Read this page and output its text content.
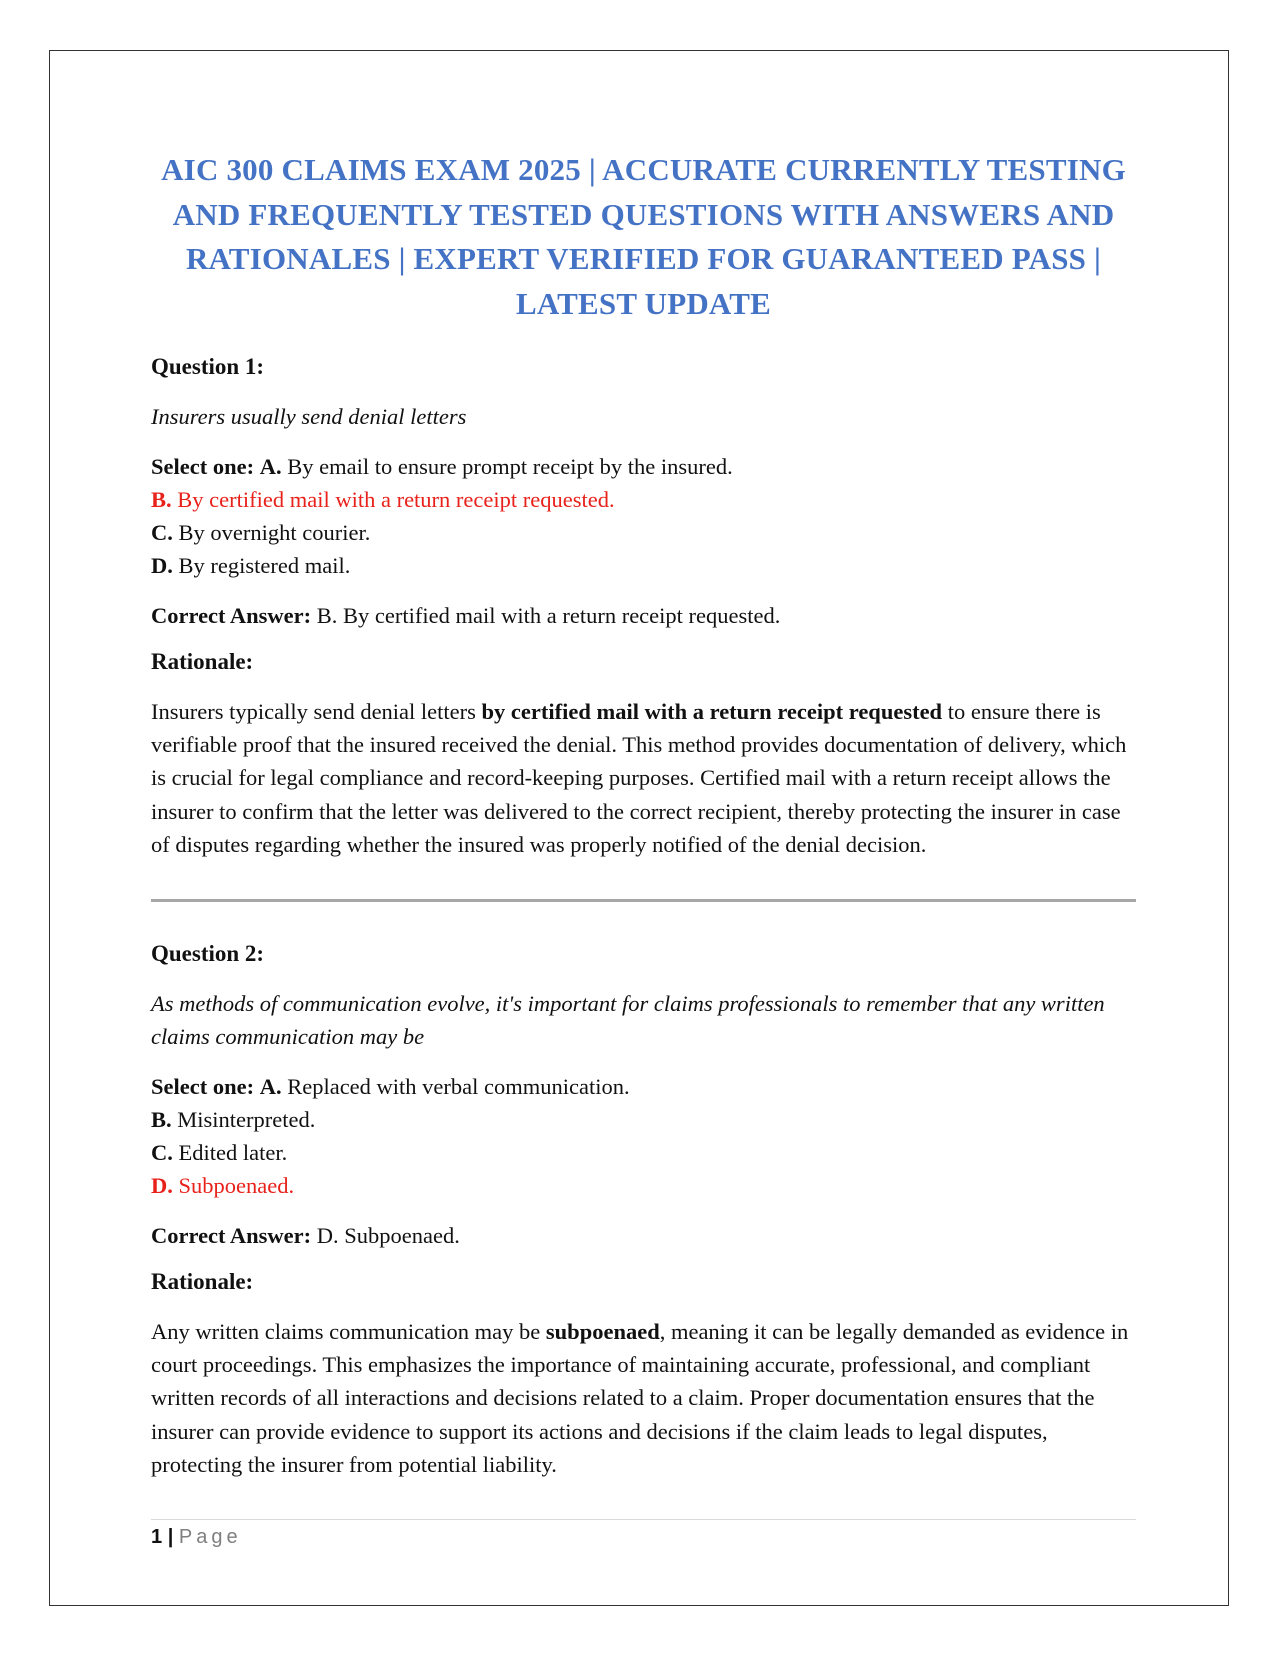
AIC 300 CLAIMS EXAM 2025 | ACCURATE CURRENTLY TESTING AND FREQUENTLY TESTED QUESTIONS WITH ANSWERS AND RATIONALES | EXPERT VERIFIED FOR GUARANTEED PASS | LATEST UPDATE
Question 1:
Insurers usually send denial letters
Select one: A. By email to ensure prompt receipt by the insured.
B. By certified mail with a return receipt requested.
C. By overnight courier.
D. By registered mail.
Correct Answer: B. By certified mail with a return receipt requested.
Rationale:

Insurers typically send denial letters by certified mail with a return receipt requested to ensure there is verifiable proof that the insured received the denial. This method provides documentation of delivery, which is crucial for legal compliance and record-keeping purposes. Certified mail with a return receipt allows the insurer to confirm that the letter was delivered to the correct recipient, thereby protecting the insurer in case of disputes regarding whether the insured was properly notified of the denial decision.

Question 2:
As methods of communication evolve, it's important for claims professionals to remember that any written claims communication may be
Select one: A. Replaced with verbal communication.
B. Misinterpreted.
C. Edited later.
D. Subpoenaed.
Correct Answer: D. Subpoenaed.
Rationale:

Any written claims communication may be subpoenaed, meaning it can be legally demanded as evidence in court proceedings. This emphasizes the importance of maintaining accurate, professional, and compliant written records of all interactions and decisions related to a claim. Proper documentation ensures that the insurer can provide evidence to support its actions and decisions if the claim leads to legal disputes, protecting the insurer from potential liability.

1 | Page
